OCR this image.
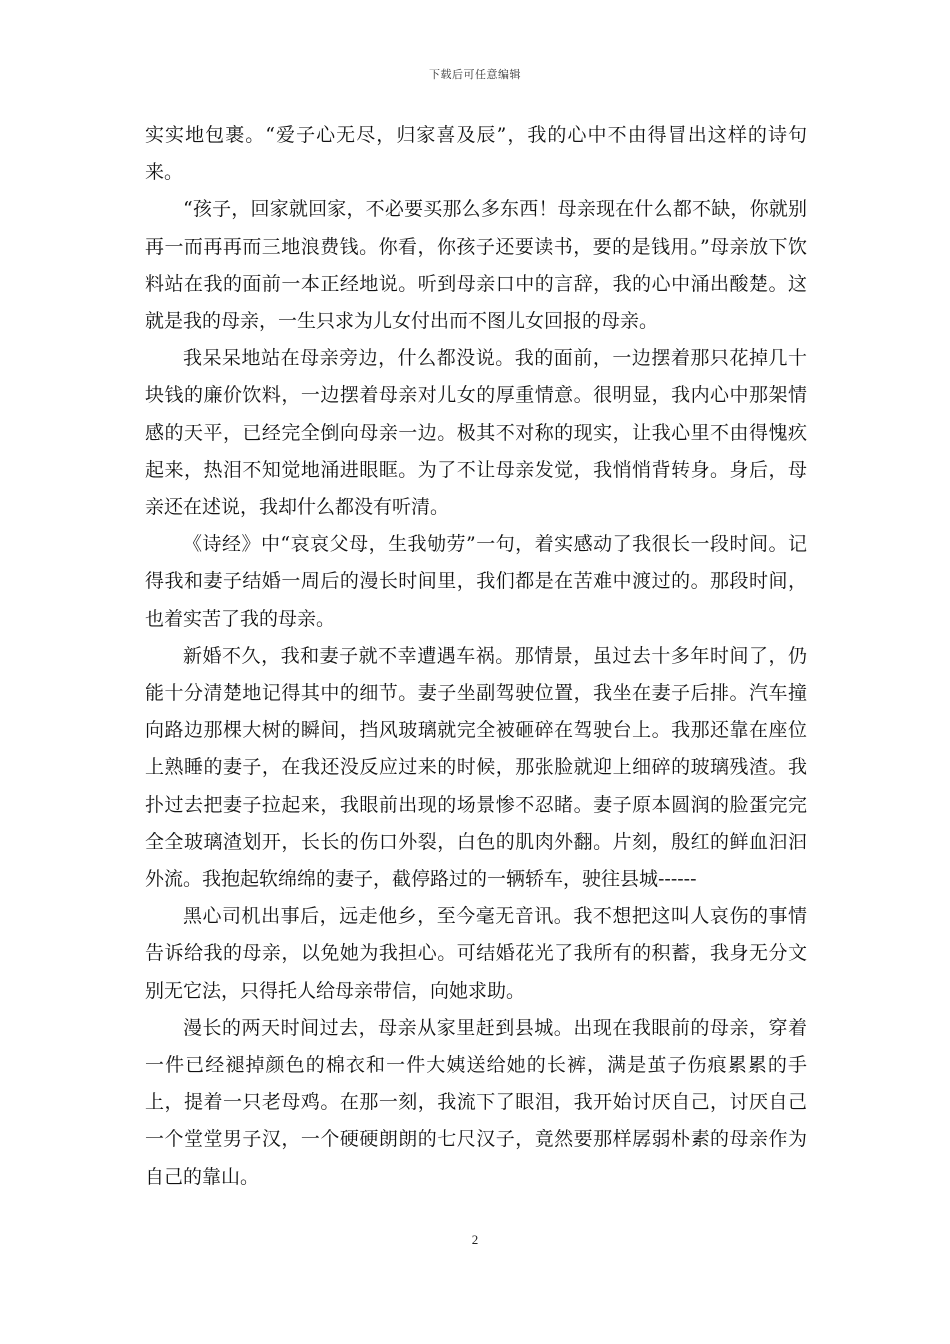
下载后可任意编辑

实实地包裹。“爱子心无尽，归家喜及辰”，我的心中不由得冒出这样的诗句来。

“孩子，回家就回家，不必要买那么多东西！母亲现在什么都不缺，你就别再一而再再而三地浪费钱。你看，你孩子还要读书，要的是钱用。”母亲放下饮料站在我的面前一本正经地说。听到母亲口中的言辞，我的心中涌出酸楚。这就是我的母亲，一生只求为儿女付出而不图儿女回报的母亲。

我呆呆地站在母亲旁边，什么都没说。我的面前，一边摆着那只花掉几十块钱的廉价饮料，一边摆着母亲对儿女的厚重情意。很明显，我内心中那架情感的天平，已经完全倒向母亲一边。极其不对称的现实，让我心里不由得愧疚起来，热泪不知觉地涌进眼眶。为了不让母亲发觉，我悄悄背转身。身后，母亲还在述说，我却什么都没有听清。

《诗经》中“哀哀父母，生我劬劳”一句，着实感动了我很长一段时间。记得我和妻子结婚一周后的漫长时间里，我们都是在苦难中渡过的。那段时间，也着实苦了我的母亲。

新婚不久，我和妻子就不幸遭遇车祸。那情景，虽过去十多年时间了，仍能十分清楚地记得其中的细节。妻子坐副驾驶位置，我坐在妻子后排。汽车撞向路边那棵大树的瞬间，挡风玻璃就完全被砸碎在驾驶台上。我那还靠在座位上熟睡的妻子，在我还没反应过来的时候，那张脸就迎上细碎的玻璃残渣。我扑过去把妻子拉起来，我眼前出现的场景惨不忍睹。妻子原本圆润的脸蛋完完全全玻璃渣划开，长长的伤口外裂，白色的肌肉外翻。片刻，殷红的鲜血汩汩外流。我抱起软绵绵的妻子，截停路过的一辆轿车，驶往县城------

黑心司机出事后，远走他乡，至今毫无音讯。我不想把这叫人哀伤的事情告诉给我的母亲，以免她为我担心。可结婚花光了我所有的积蓄，我身无分文别无它法，只得托人给母亲带信，向她求助。

漫长的两天时间过去，母亲从家里赶到县城。出现在我眼前的母亲，穿着一件已经褪掉颜色的棉衣和一件大姨送给她的长裤，满是茧子伤痕累累的手上，提着一只老母鸡。在那一刻，我流下了眼泪，我开始讨厌自己，讨厌自己一个堂堂男子汉，一个硬硬朗朗的七尺汉子，竟然要那样孱弱朴素的母亲作为自己的靠山。

2
